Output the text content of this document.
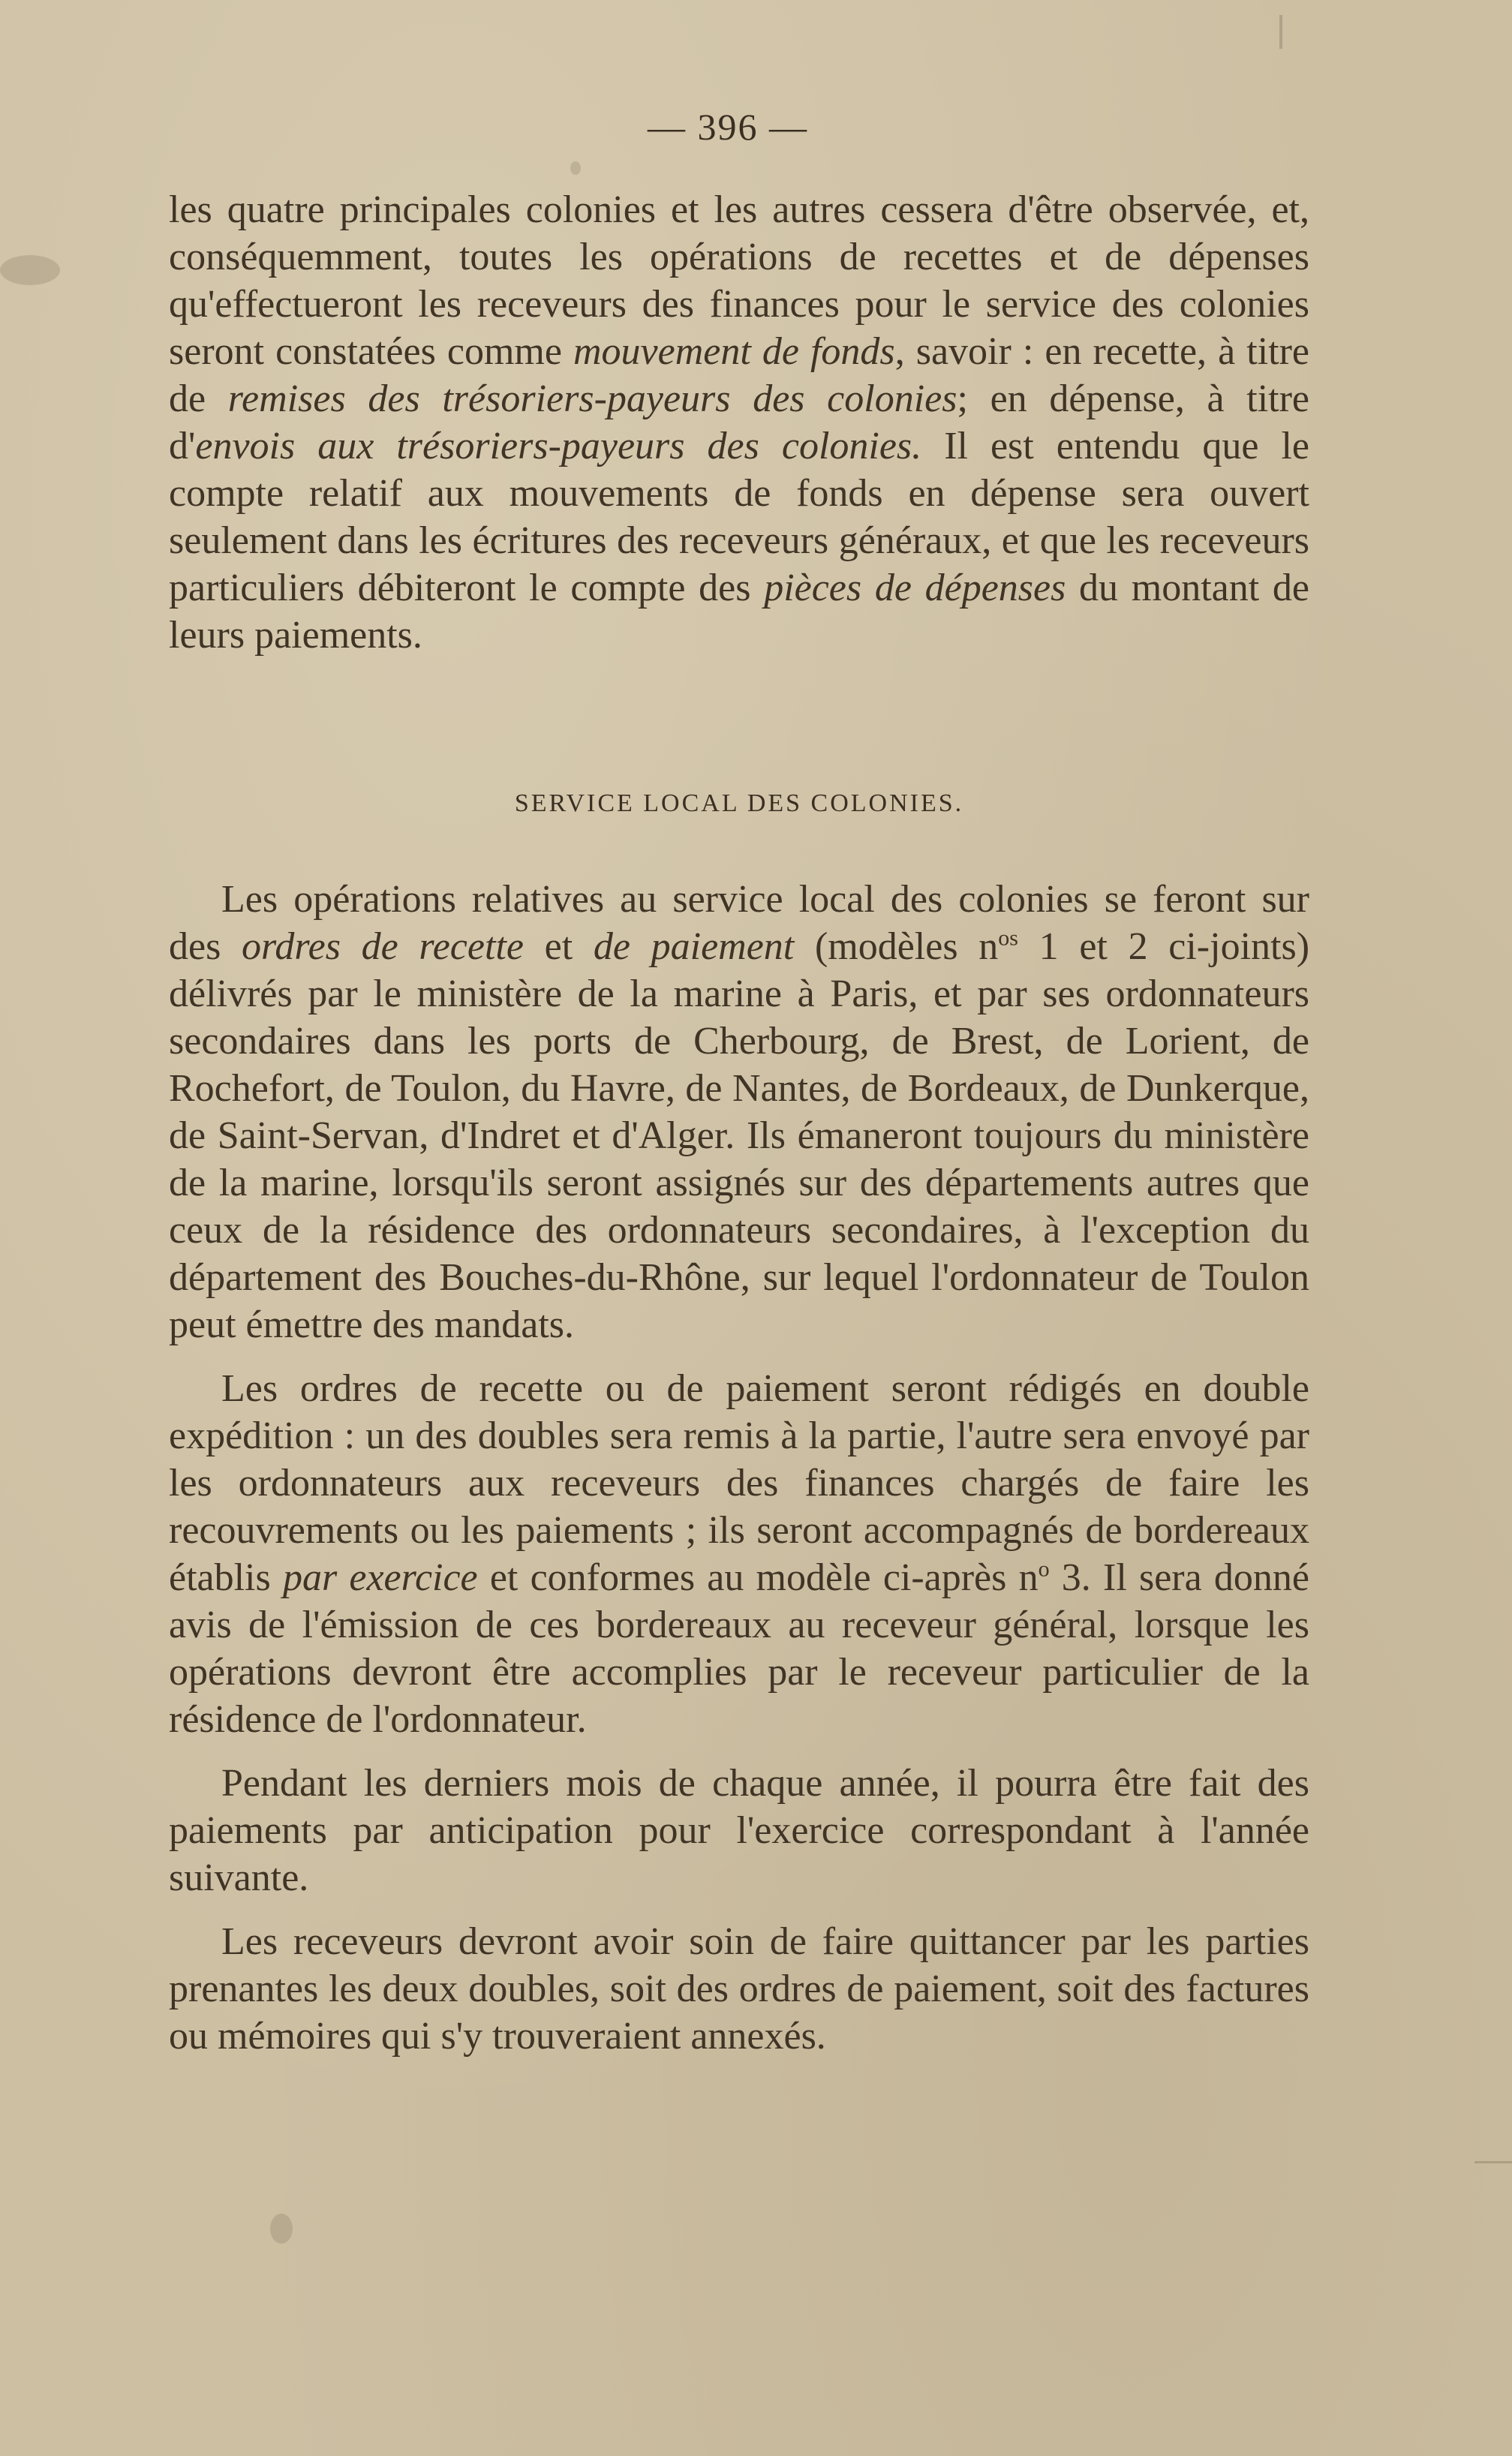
— 396 —

les quatre principales colonies et les autres cessera d'être observée, et, conséquemment, toutes les opérations de recettes et de dépenses qu'effectueront les receveurs des finances pour le service des colonies seront constatées comme mouvement de fonds, savoir : en recette, à titre de remises des trésoriers-payeurs des colonies; en dépense, à titre d'envois aux trésoriers-payeurs des colonies. Il est entendu que le compte relatif aux mouvements de fonds en dépense sera ouvert seulement dans les écritures des receveurs généraux, et que les receveurs particuliers débiteront le compte des pièces de dépenses du montant de leurs paiements.

SERVICE LOCAL DES COLONIES.

Les opérations relatives au service local des colonies se feront sur des ordres de recette et de paiement (modèles $n^{os}$ 1 et 2 ci-joints) délivrés par le ministère de la marine à Paris, et par ses ordonnateurs secondaires dans les ports de Cherbourg, de Brest, de Lorient, de Rochefort, de Toulon, du Havre, de Nantes, de Bordeaux, de Dunkerque, de Saint-Servan, d'Indret et d'Alger. Ils émaneront toujours du ministère de la marine, lorsqu'ils seront assignés sur des départements autres que ceux de la résidence des ordonnateurs secondaires, à l'exception du département des Bouches-du-Rhône, sur lequel l'ordonnateur de Toulon peut émettre des mandats.

Les ordres de recette ou de paiement seront rédigés en double expédition : un des doubles sera remis à la partie, l'autre sera envoyé par les ordonnateurs aux receveurs des finances chargés de faire les recouvrements ou les paiements ; ils seront accompagnés de bordereaux établis par exercice et conformes au modèle ci-après $n^o$ 3. Il sera donné avis de l'émission de ces bordereaux au receveur général, lorsque les opérations devront être accomplies par le receveur particulier de la résidence de l'ordonnateur.

Pendant les derniers mois de chaque année, il pourra être fait des paiements par anticipation pour l'exercice correspondant à l'année suivante.

Les receveurs devront avoir soin de faire quittancer par les parties prenantes les deux doubles, soit des ordres de paiement, soit des factures ou mémoires qui s'y trouveraient annexés.
